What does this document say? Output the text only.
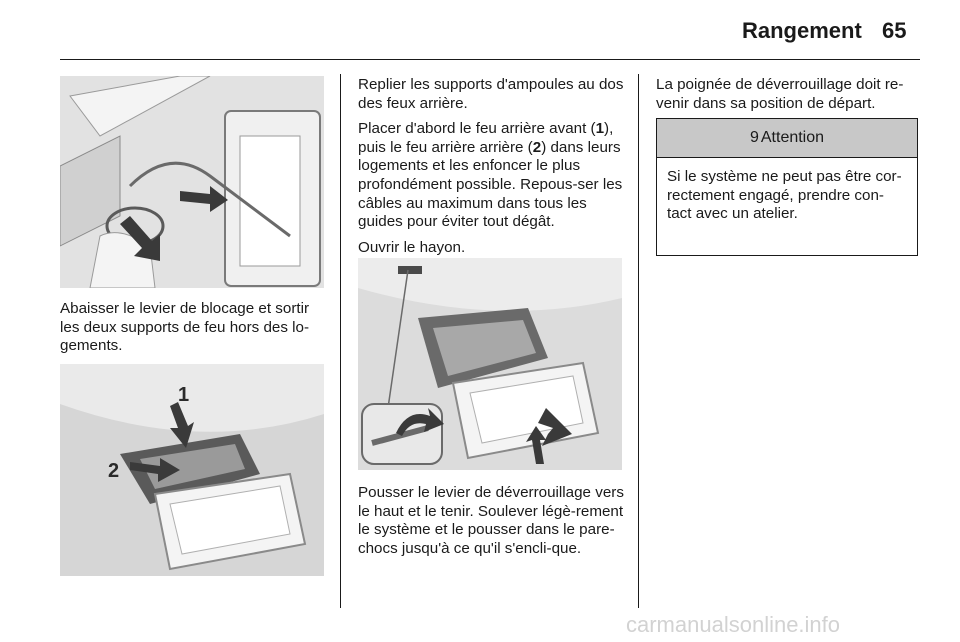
Rangement 65

Abaisser le levier de blocage et sortir les deux supports de feu hors des lo-gements.

1
2

Replier les supports d'ampoules au dos des feux arrière.

Placer d'abord le feu arrière avant (1), puis le feu arrière arrière (2) dans leurs logements et les enfoncer le plus profondément possible. Repous-ser les câbles au maximum dans tous les guides pour éviter tout dégât.

Ouvrir le hayon.

Pousser le levier de déverrouillage vers le haut et le tenir. Soulever légè-rement le système et le pousser dans le pare-chocs jusqu'à ce qu'il s'encli-que.

La poignée de déverrouillage doit re-venir dans sa position de départ.

9 Attention
Si le système ne peut pas être cor-rectement engagé, prendre con-tact avec un atelier.
carmanualsonline.info
